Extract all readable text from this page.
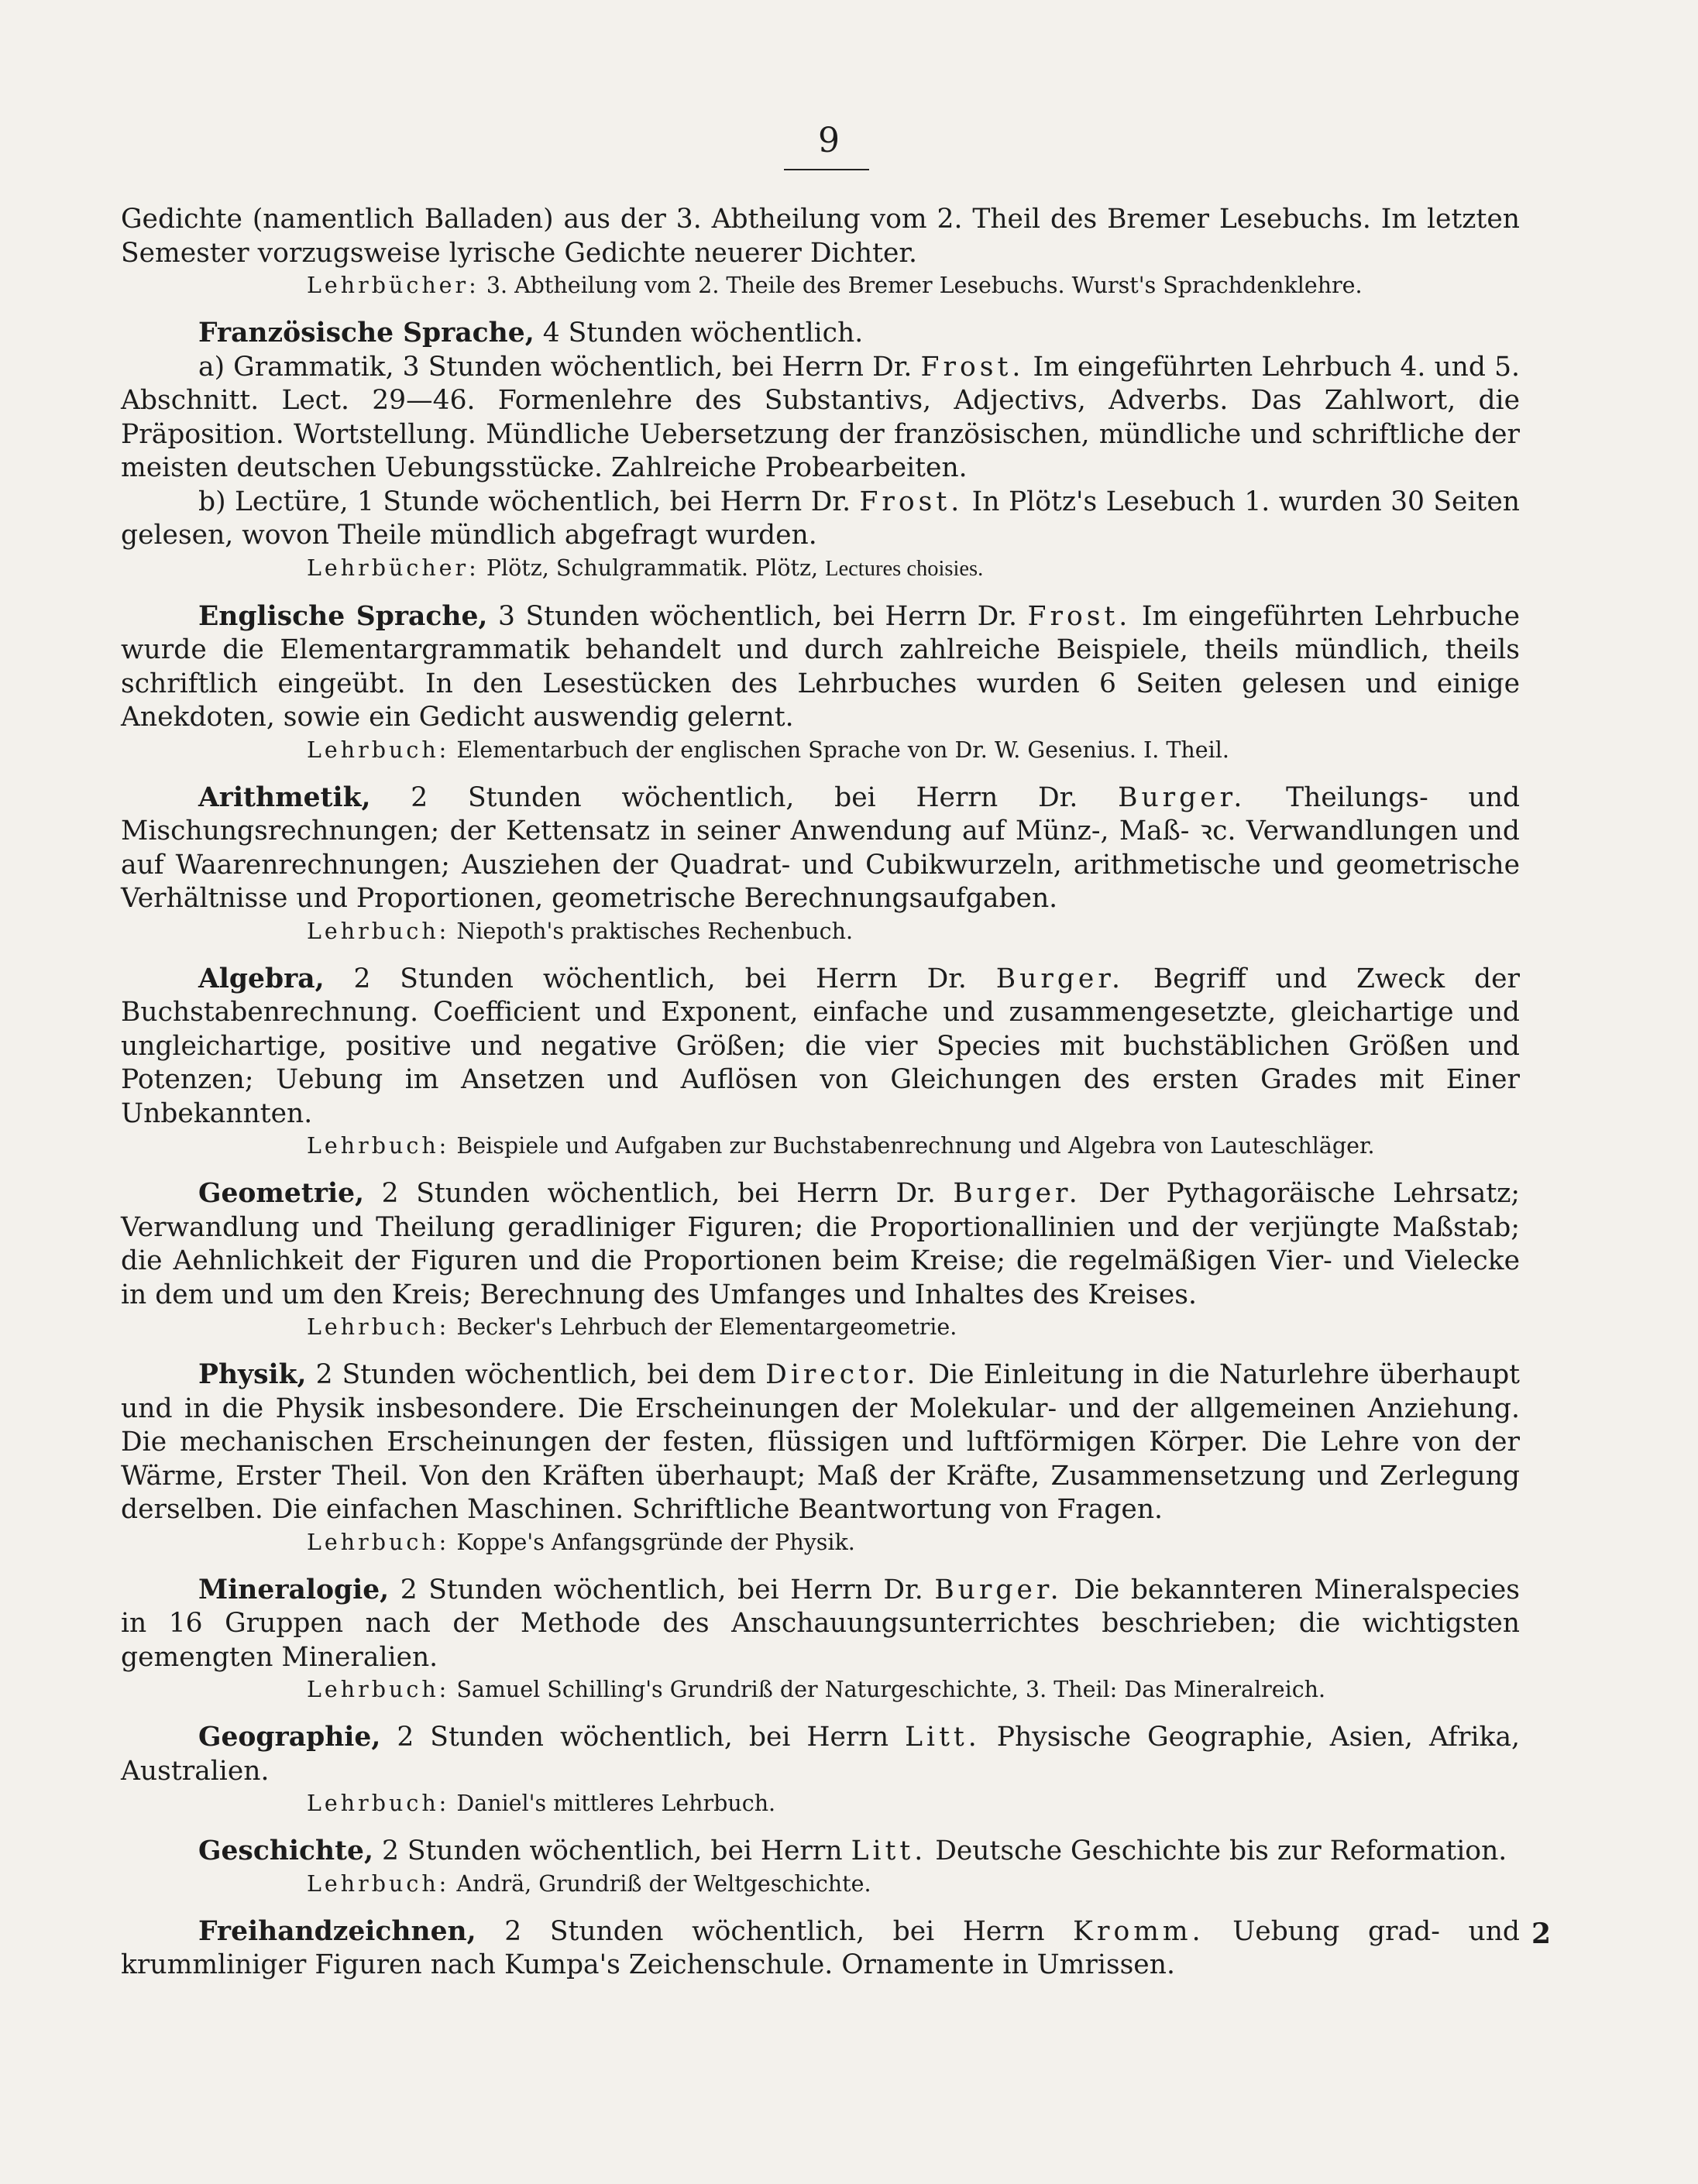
9

Gedichte (namentlich Balladen) aus der 3. Abtheilung vom 2. Theil des Bremer Lesebuchs. Im letzten Semester vorzugsweise lyrische Gedichte neuerer Dichter.

Lehrbücher: 3. Abtheilung vom 2. Theile des Bremer Lesebuchs. Wurst's Sprachdenklehre.

Französische Sprache, 4 Stunden wöchentlich.

a) Grammatik, 3 Stunden wöchentlich, bei Herrn Dr. Frost. Im eingeführten Lehrbuch 4. und 5. Abschnitt. Lect. 29—46. Formenlehre des Substantivs, Adjectivs, Adverbs. Das Zahlwort, die Präposition. Wortstellung. Mündliche Uebersetzung der französischen, mündliche und schriftliche der meisten deutschen Uebungsstücke. Zahlreiche Probearbeiten.

b) Lectüre, 1 Stunde wöchentlich, bei Herrn Dr. Frost. In Plötz's Lesebuch 1. wurden 30 Seiten gelesen, wovon Theile mündlich abgefragt wurden.

Lehrbücher: Plötz, Schulgrammatik. Plötz, Lectures choisies.

Englische Sprache, 3 Stunden wöchentlich, bei Herrn Dr. Frost. Im eingeführten Lehrbuche wurde die Elementargrammatik behandelt und durch zahlreiche Beispiele, theils mündlich, theils schriftlich eingeübt. In den Lesestücken des Lehrbuches wurden 6 Seiten gelesen und einige Anekdoten, sowie ein Gedicht auswendig gelernt.

Lehrbuch: Elementarbuch der englischen Sprache von Dr. W. Gesenius. I. Theil.

Arithmetik, 2 Stunden wöchentlich, bei Herrn Dr. Burger. Theilungs- und Mischungsrechnungen; der Kettensatz in seiner Anwendung auf Münz-, Maß- ꝛc. Verwandlungen und auf Waarenrechnungen; Ausziehen der Quadrat- und Cubikwurzeln, arithmetische und geometrische Verhältnisse und Proportionen, geometrische Berechnungsaufgaben.

Lehrbuch: Niepoth's praktisches Rechenbuch.

Algebra, 2 Stunden wöchentlich, bei Herrn Dr. Burger. Begriff und Zweck der Buchstabenrechnung. Coefficient und Exponent, einfache und zusammengesetzte, gleichartige und ungleichartige, positive und negative Größen; die vier Species mit buchstäblichen Größen und Potenzen; Uebung im Ansetzen und Auflösen von Gleichungen des ersten Grades mit Einer Unbekannten.

Lehrbuch: Beispiele und Aufgaben zur Buchstabenrechnung und Algebra von Lauteschläger.

Geometrie, 2 Stunden wöchentlich, bei Herrn Dr. Burger. Der Pythagoräische Lehrsatz; Verwandlung und Theilung geradliniger Figuren; die Proportionallinien und der verjüngte Maßstab; die Aehnlichkeit der Figuren und die Proportionen beim Kreise; die regelmäßigen Vier- und Vielecke in dem und um den Kreis; Berechnung des Umfanges und Inhaltes des Kreises.

Lehrbuch: Becker's Lehrbuch der Elementargeometrie.

Physik, 2 Stunden wöchentlich, bei dem Director. Die Einleitung in die Naturlehre überhaupt und in die Physik insbesondere. Die Erscheinungen der Molekular- und der allgemeinen Anziehung. Die mechanischen Erscheinungen der festen, flüssigen und luftförmigen Körper. Die Lehre von der Wärme, Erster Theil. Von den Kräften überhaupt; Maß der Kräfte, Zusammensetzung und Zerlegung derselben. Die einfachen Maschinen. Schriftliche Beantwortung von Fragen.

Lehrbuch: Koppe's Anfangsgründe der Physik.

Mineralogie, 2 Stunden wöchentlich, bei Herrn Dr. Burger. Die bekannteren Mineralspecies in 16 Gruppen nach der Methode des Anschauungsunterrichtes beschrieben; die wichtigsten gemengten Mineralien.

Lehrbuch: Samuel Schilling's Grundriß der Naturgeschichte, 3. Theil: Das Mineralreich.

Geographie, 2 Stunden wöchentlich, bei Herrn Litt. Physische Geographie, Asien, Afrika, Australien.

Lehrbuch: Daniel's mittleres Lehrbuch.

Geschichte, 2 Stunden wöchentlich, bei Herrn Litt. Deutsche Geschichte bis zur Reformation.

Lehrbuch: Andrä, Grundriß der Weltgeschichte.

Freihandzeichnen, 2 Stunden wöchentlich, bei Herrn Kromm. Uebung grad- und krummliniger Figuren nach Kumpa's Zeichenschule. Ornamente in Umrissen.

2
